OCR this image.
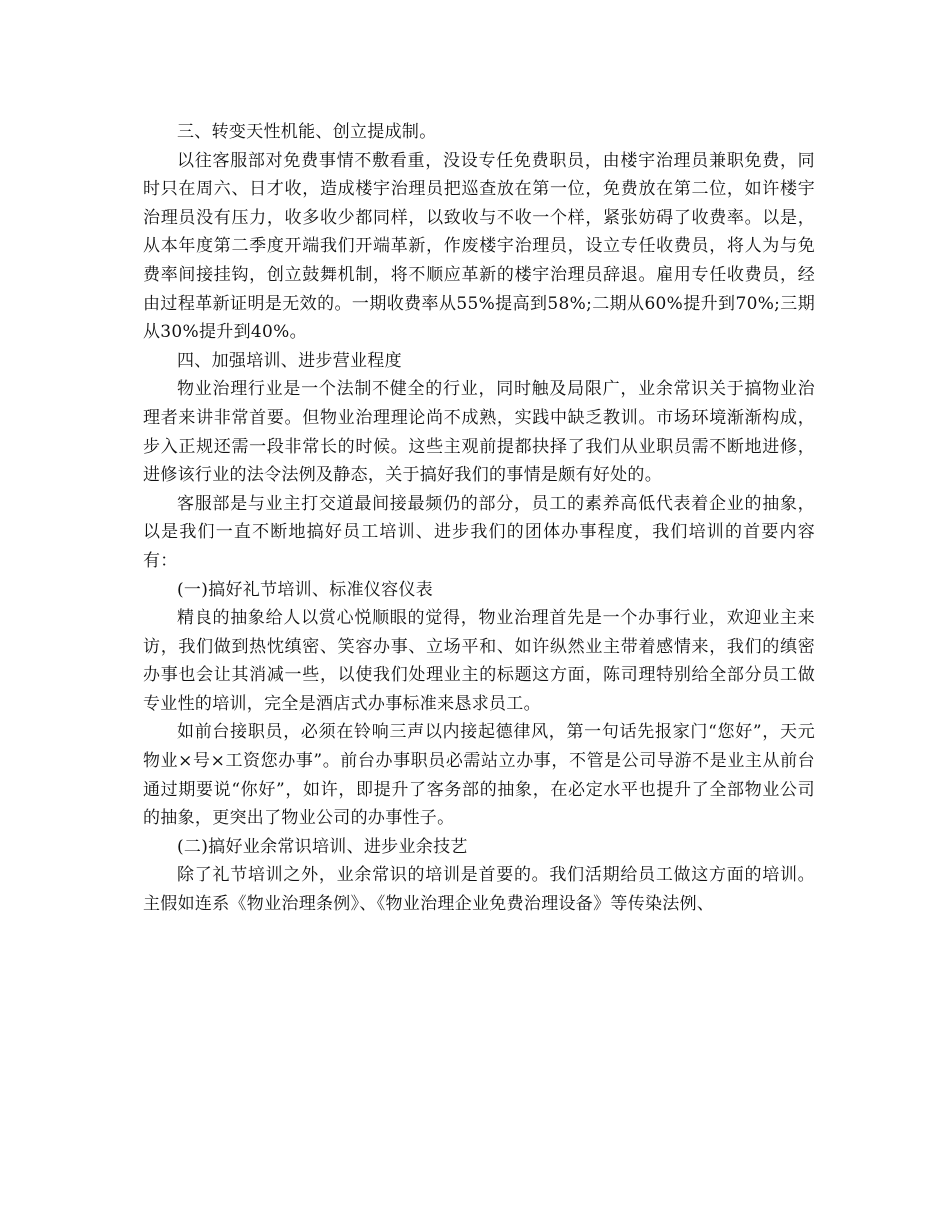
三、转变天性机能、创立提成制。

以往客服部对免费事情不敷看重，没设专任免费职员，由楼宇治理员兼职免费，同时只在周六、日才收，造成楼宇治理员把巡查放在第一位，免费放在第二位，如许楼宇治理员没有压力，收多收少都同样，以致收与不收一个样，紧张妨碍了收费率。以是，从本年度第二季度开端我们开端革新，作废楼宇治理员，设立专任收费员，将人为与免费率间接挂钩，创立鼓舞机制，将不顺应革新的楼宇治理员辞退。雇用专任收费员，经由过程革新证明是无效的。一期收费率从55%提高到58%;二期从60%提升到70%;三期从30%提升到40%。

四、加强培训、进步营业程度

物业治理行业是一个法制不健全的行业，同时触及局限广，业余常识关于搞物业治理者来讲非常首要。但物业治理理论尚不成熟，实践中缺乏教训。市场环境渐渐构成，步入正规还需一段非常长的时候。这些主观前提都抉择了我们从业职员需不断地进修，进修该行业的法令法例及静态，关于搞好我们的事情是颇有好处的。

客服部是与业主打交道最间接最频仍的部分，员工的素养高低代表着企业的抽象，以是我们一直不断地搞好员工培训、进步我们的团体办事程度，我们培训的首要内容有：

(一)搞好礼节培训、标准仪容仪表

精良的抽象给人以赏心悦顺眼的觉得，物业治理首先是一个办事行业，欢迎业主来访，我们做到热忱缜密、笑容办事、立场平和、如许纵然业主带着感情来，我们的缜密办事也会让其消减一些，以使我们处理业主的标题这方面，陈司理特别给全部分员工做专业性的培训，完全是酒店式办事标准来恳求员工。

如前台接职员，必须在铃响三声以内接起德律风，第一句话先报家门“您好”，天元物业×号×工资您办事”。前台办事职员必需站立办事，不管是公司导游不是业主从前台通过期要说“你好”，如许，即提升了客务部的抽象，在必定水平也提升了全部物业公司的抽象，更突出了物业公司的办事性子。

(二)搞好业余常识培训、进步业余技艺

除了礼节培训之外，业余常识的培训是首要的。我们活期给员工做这方面的培训。主假如连系《物业治理条例》、《物业治理企业免费治理设备》等传染法例、
